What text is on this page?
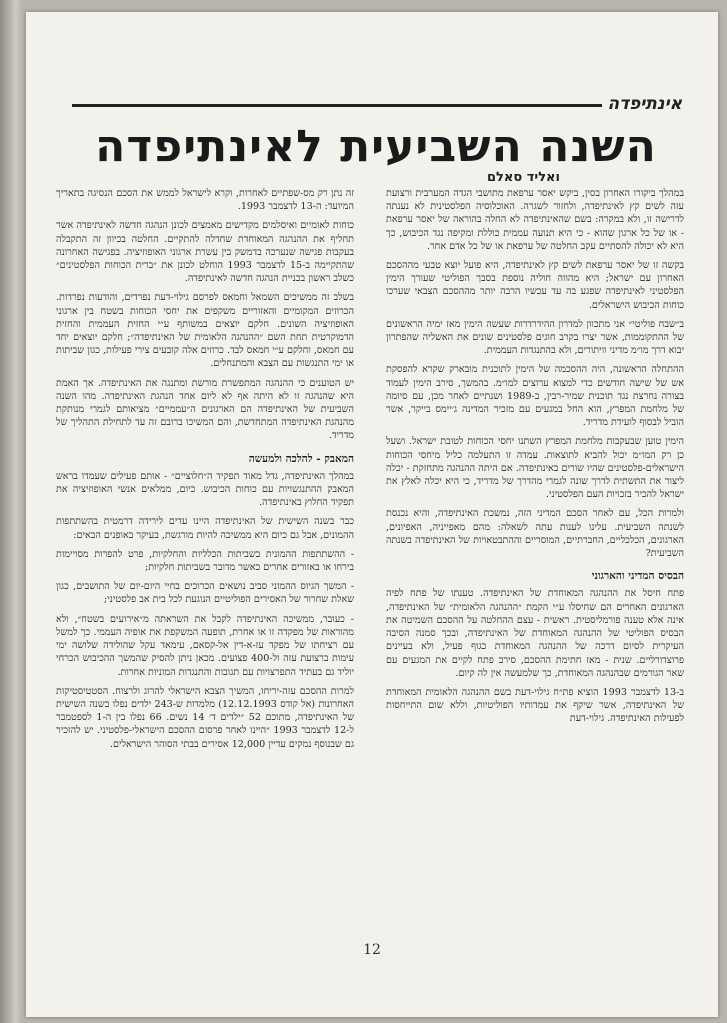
אינתיפדה
השנה השביעית לאינתיפדה
ואליד סאלם

במהלך ביקורו האחרון בסין, ביקש יאסר ערפאת מתושבי הגדה המערבית ורצועת עזה לשים קץ לאינתיפדה, ולחזור לשגרה. האוכלוסיה הפלסטינית לא נענתה לדרישה זו, ולא במקרה: בשם שהאינתיפדה לא החלה בהוראה של יאסר ערפאת - או של כל ארגון שהוא - כי היא תנועה עממית כוללת ומקיפה נגד הכיבוש, כך היא לא יכולה להסתיים עקב החלטה של ערפאת או של כל אדם אחר.

בקשה זו של יאסר ערפאת לשים קץ לאינתיפדה, היא פועל יוצא טבעי מההסכם האחרון עם ישראל; היא מהווה חוליה נוספת בסבך הפוליטי שעורך הימין הפלסטיני לאינתיפדה שפגע בה עד עכשיו הרבה יותר מההסכם הצבאי שערכו כוחות הכיבוש הישראלים.

ב״שבח פוליטי״ אני מתכוון למדרון ההידרדרות שעשה הימין מאז ימיה הראשונים של ההתקוממות, אשר יצרו בקרב חוגים פלסטינים שונים את האשליה שהפתרון יבוא דרך מו״מ מדיני וויתורים, ולא בהתנגדות העממית.

ההתחלה הראשונה, היה ההסכמה של הימין לתוכנית מובארק שקרא להפסקת אש של שישה חודשים כדי למצוא ערוצים למו״מ. בהמשך, סירב הימין לעמוד בצורה נחרצת נגד תוכנית שמיר-רבין, ב-1989 ושנתיים לאחר מכן, עם סיומה של מלחמת המפרץ, הוא החל במגעים עם מזכיר המדינה ג׳יימס בייקר, אשר הוביל לבסוף לועידת מדריד.

הימין טוען שבעקבות מלחמת המפרץ השתנו יחסי הכוחות לטובת ישראל. ושעל כן רק המו״מ יכול להביא לתוצאות. עמדה זו התעלמה כליל מיחסי הכוחות הישראלים-פלסטינים שהיו שורים באינתיפדה. אם היתה ההנהגה מתחזקת - יכלה ליצור את התשתית לדרך שונה לגמרי מהדרך של מדריד, כי היא יכלה לאלץ את ישראל להכיר בזכויות העם הפלסטיני.

ולמרות הכל, עם לאחר הסכם המדיני הזה, נמשכת האינתיפדה, והיא נכנסת לשנתה השביעית. עלינו לענות עתה לשאלה: מהם מאפייניה, האפיונים, הארגונים, הכלכליים, החברתיים, המוסריים וההתבטאויות של האינתיפדה בשנתה השביעית?

הבסיס המדיני והארגוני

פתח חיסל את ההנהגה המאוחדת של האינתיפדה. טענתו של פתח לפיה הארגונים האחרים הם שחיסלו ע״י הקמת ״ההנהגה הלאומית״ של האינתיפדה, אינה אלא טענה פורמליסטית. ראשית - עצם ההחלטה על ההסכם השמיטה את הבסיס הפוליטי של ההנהגה המאוחדת של האינתיפדה, ובכך סמנה הסיבה העיקרית לסיום דרכה של ההנהגה המאוחדת כגוף פעיל, ולא בעיינים פרוצדורליים. שנית - מאז חתימת ההסכם, סירב פתח לקיים את המגעים עם שאר הגורמים שבהנהגה המאוחדת, כך שלמעשה אין לה קיום.

ב-13 לדצמבר 1993 הוציא פת״ח גילוי-דעת בשם ההנהגה הלאומית המאוחדת של האינתיפדה, אשר שיקף את עמדותיו הפוליטיות, וללא שום התייחסות לפעילות האינתיפדה. גילוי-דעת

זה נתן רק מס-שפתיים לאחרות, וקרא לישראל לממש את הסכם הנסיגה בתאריך המיועד: ה-13 לדצמבר 1993.

כוחות לאומיים ואיסלמים מקדישים מאמצים לכונן הנהגה חדשה לאינתיפדה אשר תחליף את ההנהגה המאוחדת שחדלה להתקיים. החלטה בכיוון זה התקבלה בעקבות פגישה שנערכה בדמשק בין עשרת ארגוני האופוזיציה. בפגישה האחרונה שהתקיימה ב-15 לדצמבר 1993 הוחלט לכונן את ״ברית הכוחות הפלסטינים״ כשלב ראשון בכניית הנהגה חדשה לאינתיפדה.

בשלב זה ממשיכים השמאל וחמאס לפרסם גילוי-דעת נפרדים, והודעות נפרדות. הכרוזים המקומיים והאזוריים משקפים את יחסי הכוחות בשטח בין ארגוני האופוזיציה השונים. חלקם יוצאים במשותף ע״י החזית העממית והחזית הדמוקרטית תחת השם ״ההנהגה הלאומית של האינתיפדה״; חלקם יוצאים יחד עם חמאס, וחלקם ע״י חמאס לבד. כרוזים אלה קובעים צירי פעילות, כגון שביתות או ימי התנגשות עם הצבא והמתנחלים.

יש הטוענים כי ההנהגה המתפשרת מורשת ומתנגה את האינתיפדה. אך האמת היא שהנהגה זו לא היתה אף לא ליום אחד הנהגת האינתיפדה. מהו השנה השביעית של האינתיפדה הם הארגונים ה״עממיים״ מציאותם לגמרי מנותקת מהנהגת האינתיפדה המתחדשת, והם המשיכו ברובם זה עד לתחילת התהליך של מדריד.

המאבק - להלכה ולמעשה

במהלך האינתיפדה, גדל מאוד תפקיד ה״חלוציים״ - אותם פעילים שעמדו בראש המאבק ההתנגשויות עם כוחות הכיבוש. כיום, ממלאים אנשי האופוזיציה את תפקיד החלוץ באינתיפדה.

כבר בשנה השישית של האינתיפדה היינו עדים לירידה דרמטית בהשתתפות ההמונים, אבל גם כיום היא ממשיכה להיות מורגשת, בעיקר באופנים הבאים:

- ההשתתפות ההמונית בשביתות הכלליות והחלקיות, פרט להפרות מסויימות בירחו או באזורים אחרים כאשר מדובר בשביתות חלקיות;

- המשך הגיוס ההמוני סביב נושאים הכרוכים בחיי היום-יום של התושבים, כגון שאלת שחרור של האסירים הפוליטיים הנוגעת לכל בית אב פלסטיני;

- כעובר, ממשיכה האינתיפדה לקבל את השראתה מ״אירועים בשטח״, ולא מהוראות של מפקדה זו או אחרת, תופעה המשקפת את אופיה העממי. כך למשל עם רציחתו של מפקד עז-א-דין אל-קסאם, עימאד עקל שהולידה שלושה ימי עימות ברצועת עזה ול-400 פצועים. מכאן ניתן להסיק שהמשך ההכיבוש הכרחי יוליד גם בעתיד התפרצויות עם תגובות והתנגדות המוניות אחרות.

למרות ההסכם עזה-יריחו, המשיך הצבא הישראלי להרוג ולרצוח. הסטטיסטיקות האחרונות (אל קודס 12.12.1993) מלמדות ש-243 ילדים נפלו בשנה השישית של האינתיפדה, מתוכם 52 ״ילדים ד׳ 14 נשים. 66 נפלו בין ה-1 לספטמבר ל-12 לדצמבר 1993 ״היינו לאחר פרסום ההסכם הישראלי-פלסטיני. יש להזכיר גם שבנוסף נמקים עדיין 12,000 אסירים בבתי הסוהר הישראלים.

12
